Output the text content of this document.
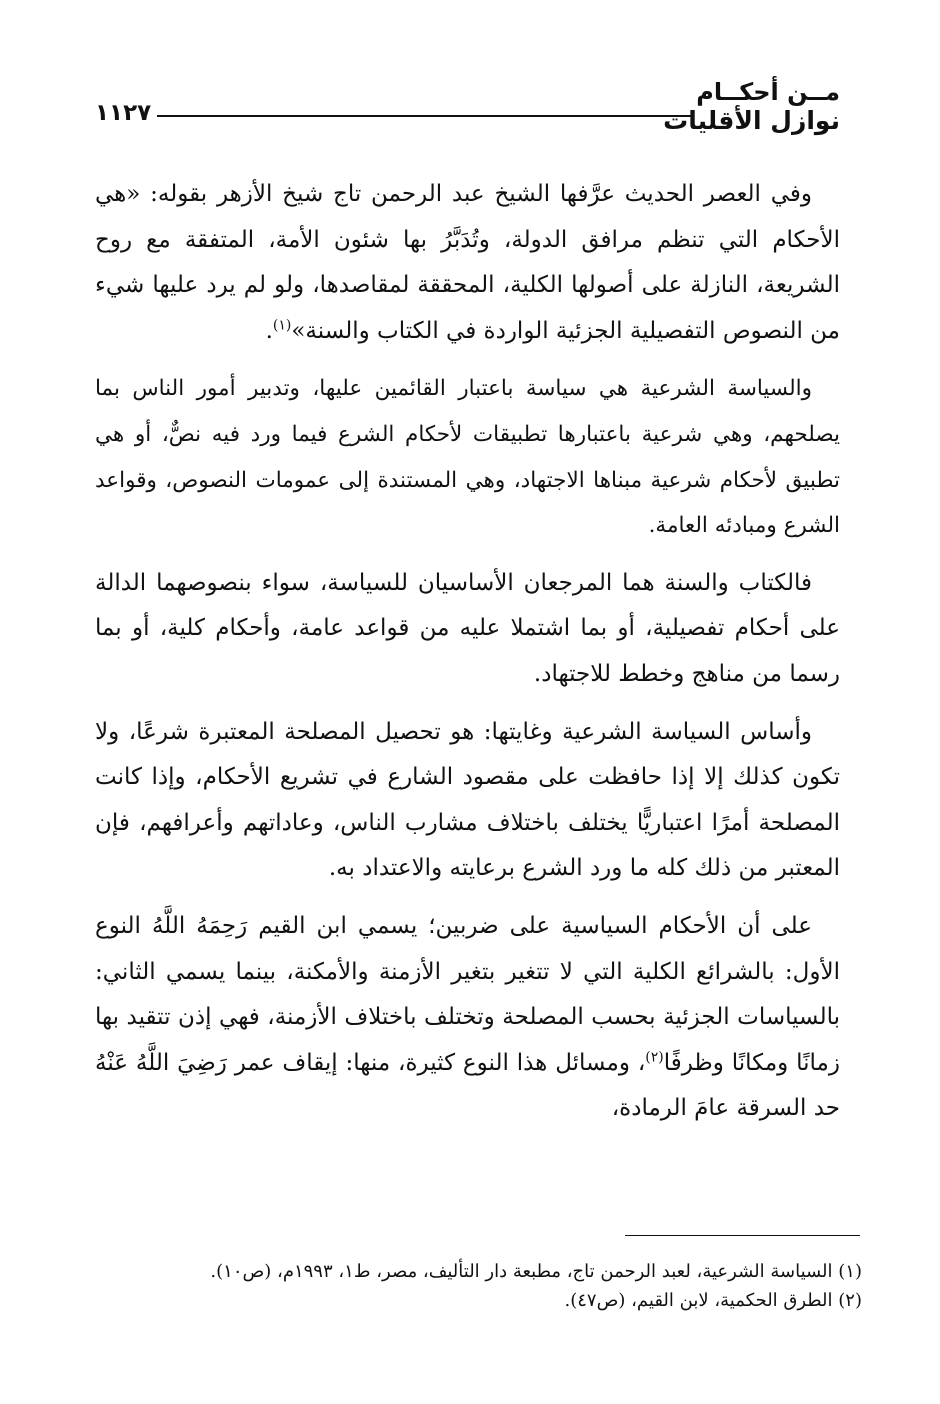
مــن أحكــام
نوازل الأقليات
١١٢٧

وفي العصر الحديث عرَّفها الشيخ عبد الرحمن تاج شيخ الأزهر بقوله: «هي الأحكام التي تنظم مرافق الدولة، وتُدَبَّرُ بها شئون الأمة، المتفقة مع روح الشريعة، النازلة على أصولها الكلية، المحققة لمقاصدها، ولو لم يرد عليها شيء من النصوص التفصيلية الجزئية الواردة في الكتاب والسنة»$^{(١)}$.

والسياسة الشرعية هي سياسة باعتبار القائمين عليها، وتدبير أمور الناس بما يصلحهم، وهي شرعية باعتبارها تطبيقات لأحكام الشرع فيما ورد فيه نصٌّ، أو هي تطبيق لأحكام شرعية مبناها الاجتهاد، وهي المستندة إلى عمومات النصوص، وقواعد الشرع ومبادئه العامة.

فالكتاب والسنة هما المرجعان الأساسيان للسياسة، سواء بنصوصهما الدالة على أحكام تفصيلية، أو بما اشتملا عليه من قواعد عامة، وأحكام كلية، أو بما رسما من مناهج وخطط للاجتهاد.

وأساس السياسة الشرعية وغايتها: هو تحصيل المصلحة المعتبرة شرعًا، ولا تكون كذلك إلا إذا حافظت على مقصود الشارع في تشريع الأحكام، وإذا كانت المصلحة أمرًا اعتباريًّا يختلف باختلاف مشارب الناس، وعاداتهم وأعرافهم، فإن المعتبر من ذلك كله ما ورد الشرع برعايته والاعتداد به.

على أن الأحكام السياسية على ضربين؛ يسمي ابن القيم رَحِمَهُ اللَّهُ النوع الأول: بالشرائع الكلية التي لا تتغير بتغير الأزمنة والأمكنة، بينما يسمي الثاني: بالسياسات الجزئية بحسب المصلحة وتختلف باختلاف الأزمنة، فهي إذن تتقيد بها زمانًا ومكانًا وظرفًا$^{(٢)}$، ومسائل هذا النوع كثيرة، منها: إيقاف عمر رَضِيَ اللَّهُ عَنْهُ حد السرقة عامَ الرمادة،

(١) السياسة الشرعية، لعبد الرحمن تاج، مطبعة دار التأليف، مصر، ط١، ١٩٩٣م، (ص١٠).

(٢) الطرق الحكمية، لابن القيم، (ص٤٧).
